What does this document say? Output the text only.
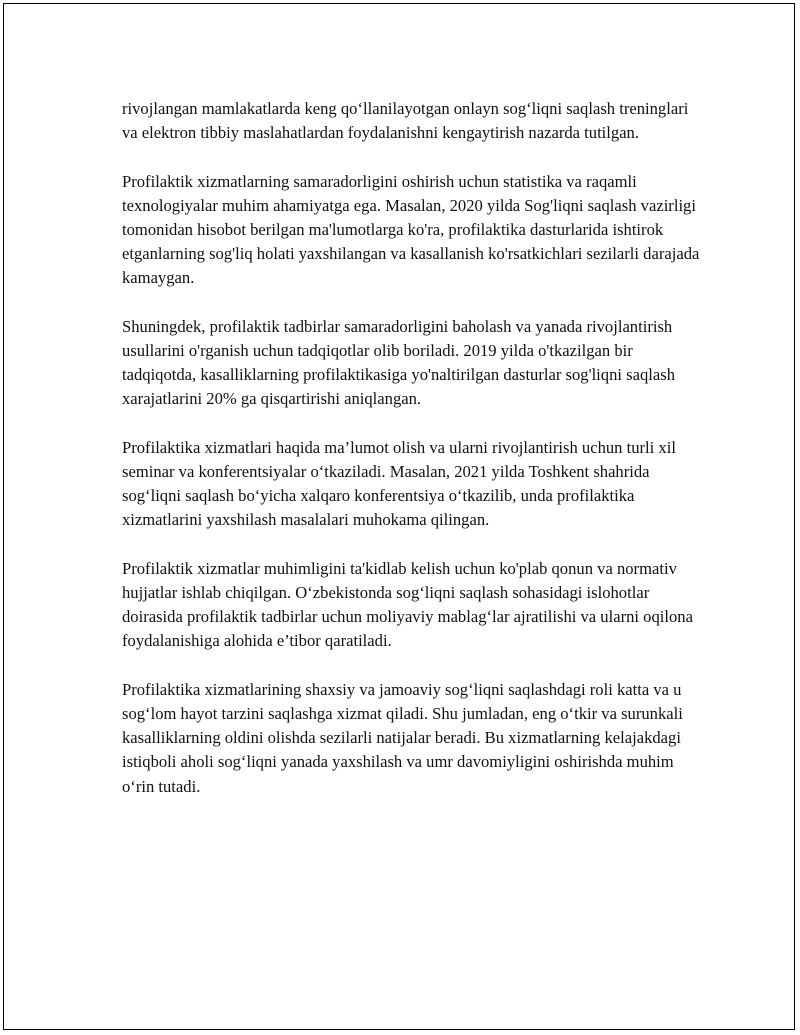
rivojlangan mamlakatlarda keng qo‘llanilayotgan onlayn sog‘liqni saqlash treninglari va elektron tibbiy maslahatlardan foydalanishni kengaytirish nazarda tutilgan.

Profilaktik xizmatlarning samaradorligini oshirish uchun statistika va raqamli texnologiyalar muhim ahamiyatga ega. Masalan, 2020 yilda Sog'liqni saqlash vazirligi tomonidan hisobot berilgan ma'lumotlarga ko'ra, profilaktika dasturlarida ishtirok etganlarning sog'liq holati yaxshilangan va kasallanish ko'rsatkichlari sezilarli darajada kamaygan.

Shuningdek, profilaktik tadbirlar samaradorligini baholash va yanada rivojlantirish usullarini o'rganish uchun tadqiqotlar olib boriladi. 2019 yilda o'tkazilgan bir tadqiqotda, kasalliklarning profilaktikasiga yo'naltirilgan dasturlar sog'liqni saqlash xarajatlarini 20% ga qisqartirishi aniqlangan.

Profilaktika xizmatlari haqida ma’lumot olish va ularni rivojlantirish uchun turli xil seminar va konferentsiyalar o‘tkaziladi. Masalan, 2021 yilda Toshkent shahrida sog‘liqni saqlash bo‘yicha xalqaro konferentsiya o‘tkazilib, unda profilaktika xizmatlarini yaxshilash masalalari muhokama qilingan.

Profilaktik xizmatlar muhimligini ta'kidlab kelish uchun ko'plab qonun va normativ hujjatlar ishlab chiqilgan. O‘zbekistonda sog‘liqni saqlash sohasidagi islohotlar doirasida profilaktik tadbirlar uchun moliyaviy mablag‘lar ajratilishi va ularni oqilona foydalanishiga alohida e’tibor qaratiladi.

Profilaktika xizmatlarining shaxsiy va jamoaviy sog‘liqni saqlashdagi roli katta va u sog‘lom hayot tarzini saqlashga xizmat qiladi. Shu jumladan, eng o‘tkir va surunkali kasalliklarning oldini olishda sezilarli natijalar beradi. Bu xizmatlarning kelajakdagi istiqboli aholi sog‘liqni yanada yaxshilash va umr davomiyligini oshirishda muhim o‘rin tutadi.
